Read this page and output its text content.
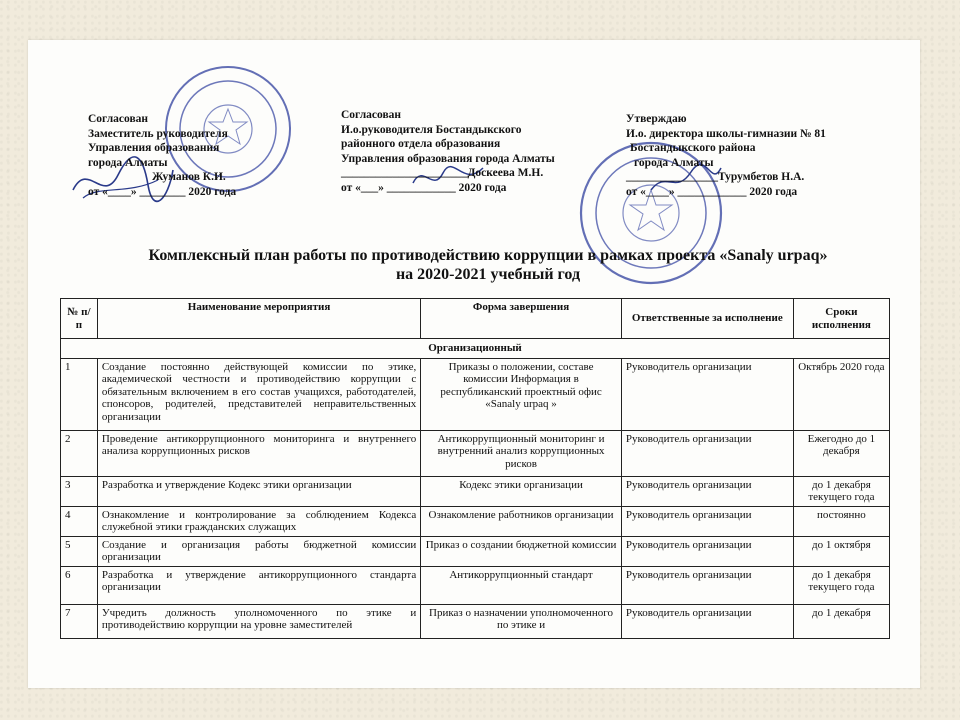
Согласован
Заместитель руководителя
Управления образования
города Алматы
Жуманов К.И.
от «____» ________ 2020 года
Согласован
И.о.руководителя Бостандыкского
районного отдела образования
Управления образования города Алматы
______________________Доскеева М.Н.
от «___» ____________ 2020 года
Утверждаю
И.о. директора школы-гимназии № 81
Бостандыкского района
города Алматы
________________Турумбетов Н.А.
от «____» ____________ 2020 года
Комплексный план работы по противодействию коррупции в рамках проекта «Sanaly urpaq»
на 2020-2021 учебный год
№ п/п	Наименование мероприятия	Форма завершения	Ответственные за исполнение	Сроки исполнения
Организационный				
1	Создание постоянно действующей комиссии по этике, академической честности и противодействию коррупции с обязательным включением в его состав учащихся, работодателей, спонсоров, родителей, представителей неправительственных организации	Приказы о положении, составе комиссии Информация в республиканский проектный офис «Sanaly urpaq »	Руководитель организации	Октябрь 2020 года
2	Проведение антикоррупционного мониторинга и внутреннего анализа коррупционных рисков	Антикоррупционный мониторинг и внутренний анализ коррупционных рисков	Руководитель организации	Ежегодно до 1 декабря
3	Разработка и утверждение Кодекс этики организации	Кодекс этики организации	Руководитель организации	до 1 декабря текущего года
4	Ознакомление и контролирование за соблюдением Кодекса служебной этики гражданских служащих	Ознакомление работников организации	Руководитель организации	постоянно
5	Создание и организация работы бюджетной комиссии организации	Приказ о создании бюджетной комиссии	Руководитель организации	до 1 октября
6	Разработка и утверждение антикоррупционного стандарта организации	Антикоррупционный стандарт	Руководитель организации	до 1 декабря текущего года
7	Учредить должность уполномоченного по этике и противодействию коррупции на уровне заместителей	Приказ о назначении уполномоченного по этике и	Руководитель организации	до 1 декабря
